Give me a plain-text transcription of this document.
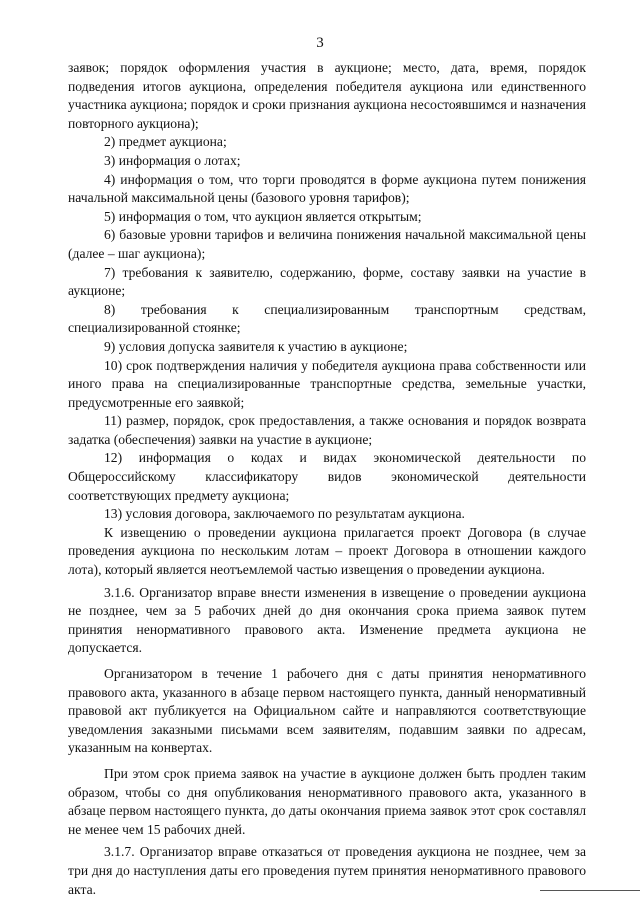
3

заявок; порядок оформления участия в аукционе; место, дата, время, порядок подведения итогов аукциона, определения победителя аукциона или единственного участника аукциона; порядок и сроки признания аукциона несостоявшимся и назначения повторного аукциона);

2) предмет аукциона;

3) информация о лотах;

4) информация о том, что торги проводятся в форме аукциона путем понижения начальной максимальной цены (базового уровня тарифов);

5) информация о том, что аукцион является открытым;

6) базовые уровни тарифов и величина понижения начальной максимальной цены (далее – шаг аукциона);

7) требования к заявителю, содержанию, форме, составу заявки на участие в аукционе;

8) требования к специализированным транспортным средствам, специализированной стоянке;

9) условия допуска заявителя к участию в аукционе;

10) срок подтверждения наличия у победителя аукциона права собственности или иного права на специализированные транспортные средства, земельные участки, предусмотренные его заявкой;

11) размер, порядок, срок предоставления, а также основания и порядок возврата задатка (обеспечения) заявки на участие в аукционе;

12) информация о кодах и видах экономической деятельности по Общероссийскому классификатору видов экономической деятельности соответствующих предмету аукциона;

13) условия договора, заключаемого по результатам аукциона.

К извещению о проведении аукциона прилагается проект Договора (в случае проведения аукциона по нескольким лотам – проект Договора в отношении каждого лота), который является неотъемлемой частью извещения о проведении аукциона.

3.1.6. Организатор вправе внести изменения в извещение о проведении аукциона не позднее, чем за 5 рабочих дней до дня окончания срока приема заявок путем принятия ненормативного правового акта. Изменение предмета аукциона не допускается.

Организатором в течение 1 рабочего дня с даты принятия ненормативного правового акта, указанного в абзаце первом настоящего пункта, данный ненормативный правовой акт публикуется на Официальном сайте и направляются соответствующие уведомления заказными письмами всем заявителям, подавшим заявки по адресам, указанным на конвертах.

При этом срок приема заявок на участие в аукционе должен быть продлен таким образом, чтобы со дня опубликования ненормативного правового акта, указанного в абзаце первом настоящего пункта, до даты окончания приема заявок этот срок составлял не менее чем 15 рабочих дней.

3.1.7. Организатор вправе отказаться от проведения аукциона не позднее, чем за три дня до наступления даты его проведения путем принятия ненормативного правового акта.
